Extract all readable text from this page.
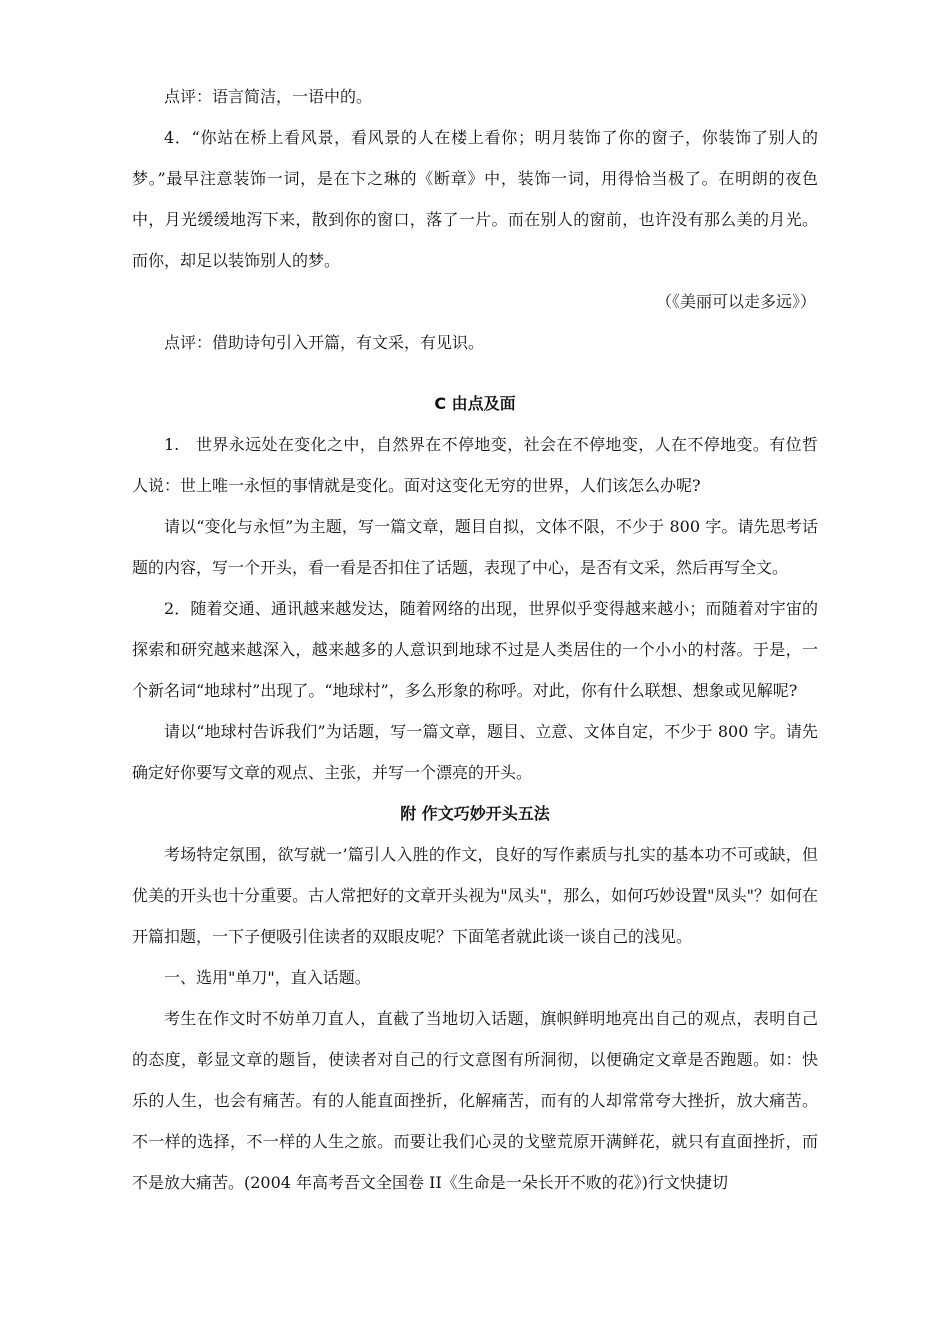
点评：语言简洁，一语中的。

4．“你站在桥上看风景，看风景的人在楼上看你；明月装饰了你的窗子，你装饰了别人的梦。”最早注意装饰一词，是在卞之琳的《断章》中，装饰一词，用得恰当极了。在明朗的夜色中，月光缓缓地泻下来，散到你的窗口，落了一片。而在别人的窗前，也许没有那么美的月光。而你，却足以装饰别人的梦。

（《美丽可以走多远》）

点评：借助诗句引入开篇，有文采，有见识。

C 由点及面

1.　世界永远处在变化之中，自然界在不停地变，社会在不停地变，人在不停地变。有位哲人说：世上唯一永恒的事情就是变化。面对这变化无穷的世界，人们该怎么办呢?

请以“变化与永恒”为主题，写一篇文章，题目自拟，文体不限，不少于 800 字。请先思考话题的内容，写一个开头，看一看是否扣住了话题，表现了中心，是否有文采，然后再写全文。

2．随着交通、通讯越来越发达，随着网络的出现，世界似乎变得越来越小；而随着对宇宙的探索和研究越来越深入，越来越多的人意识到地球不过是人类居住的一个小小的村落。于是，一个新名词“地球村”出现了。“地球村”，多么形象的称呼。对此，你有什么联想、想象或见解呢?

请以“地球村告诉我们”为话题，写一篇文章，题目、立意、文体自定，不少于 800 字。请先确定好你要写文章的观点、主张，并写一个漂亮的开头。

附 作文巧妙开头五法

考场特定氛围，欲写就一’篇引人入胜的作文，良好的写作素质与扎实的基本功不可或缺，但优美的开头也十分重要。古人常把好的文章开头视为"凤头"，那么，如何巧妙设置"凤头"？如何在开篇扣题，一下子便吸引住读者的双眼皮呢？下面笔者就此谈一谈自己的浅见。

一、选用"单刀"，直入话题。

考生在作文时不妨单刀直人，直截了当地切入话题，旗帜鲜明地亮出自己的观点，表明自己的态度，彰显文章的题旨，使读者对自己的行文意图有所洞彻，以便确定文章是否跑题。如：快乐的人生，也会有痛苦。有的人能直面挫折，化解痛苦，而有的人却常常夸大挫折，放大痛苦。不一样的选择，不一样的人生之旅。而要让我们心灵的戈壁荒原开满鲜花，就只有直面挫折，而不是放大痛苦。(2004 年高考吾文全国卷 II《生命是一朵长开不败的花》)行文快捷切
